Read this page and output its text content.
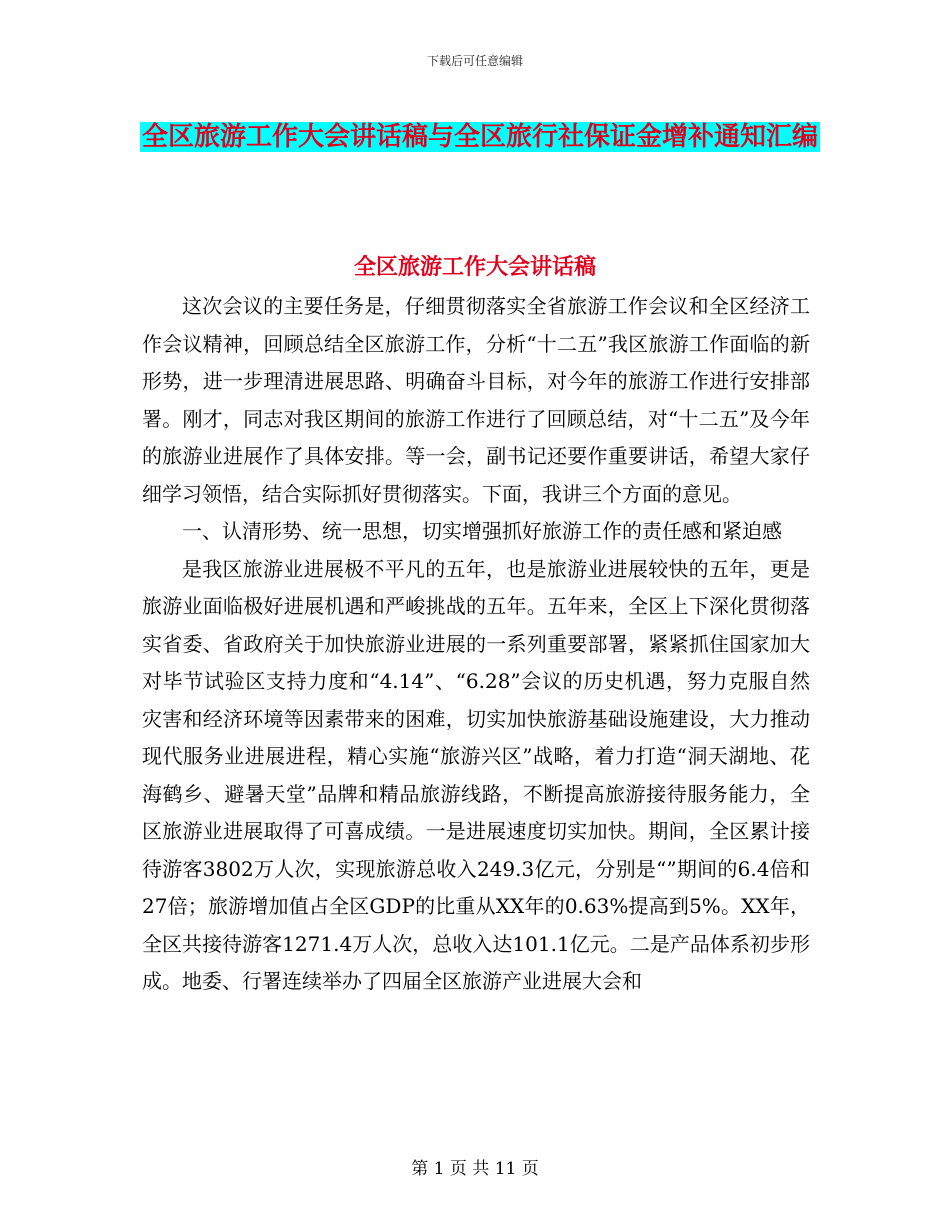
下载后可任意编辑
全区旅游工作大会讲话稿与全区旅行社保证金增补通知汇编
全区旅游工作大会讲话稿

这次会议的主要任务是，仔细贯彻落实全省旅游工作会议和全区经济工作会议精神，回顾总结全区旅游工作，分析“十二五”我区旅游工作面临的新形势，进一步理清进展思路、明确奋斗目标，对今年的旅游工作进行安排部署。刚才，同志对我区期间的旅游工作进行了回顾总结，对“十二五”及今年的旅游业进展作了具体安排。等一会，副书记还要作重要讲话，希望大家仔细学习领悟，结合实际抓好贯彻落实。下面，我讲三个方面的意见。

一、认清形势、统一思想，切实增强抓好旅游工作的责任感和紧迫感

是我区旅游业进展极不平凡的五年，也是旅游业进展较快的五年，更是旅游业面临极好进展机遇和严峻挑战的五年。五年来，全区上下深化贯彻落实省委、省政府关于加快旅游业进展的一系列重要部署，紧紧抓住国家加大对毕节试验区支持力度和“4.14”、“6.28”会议的历史机遇，努力克服自然灾害和经济环境等因素带来的困难，切实加快旅游基础设施建设，大力推动现代服务业进展进程，精心实施“旅游兴区”战略，着力打造“洞天湖地、花海鹤乡、避暑天堂”品牌和精品旅游线路，不断提高旅游接待服务能力，全区旅游业进展取得了可喜成绩。一是进展速度切实加快。期间，全区累计接待游客3802万人次，实现旅游总收入249.3亿元，分别是“”期间的6.4倍和27倍；旅游增加值占全区GDP的比重从XX年的0.63%提高到5%。XX年，全区共接待游客1271.4万人次，总收入达101.1亿元。二是产品体系初步形成。地委、行署连续举办了四届全区旅游产业进展大会和

第 1 页 共 11 页
